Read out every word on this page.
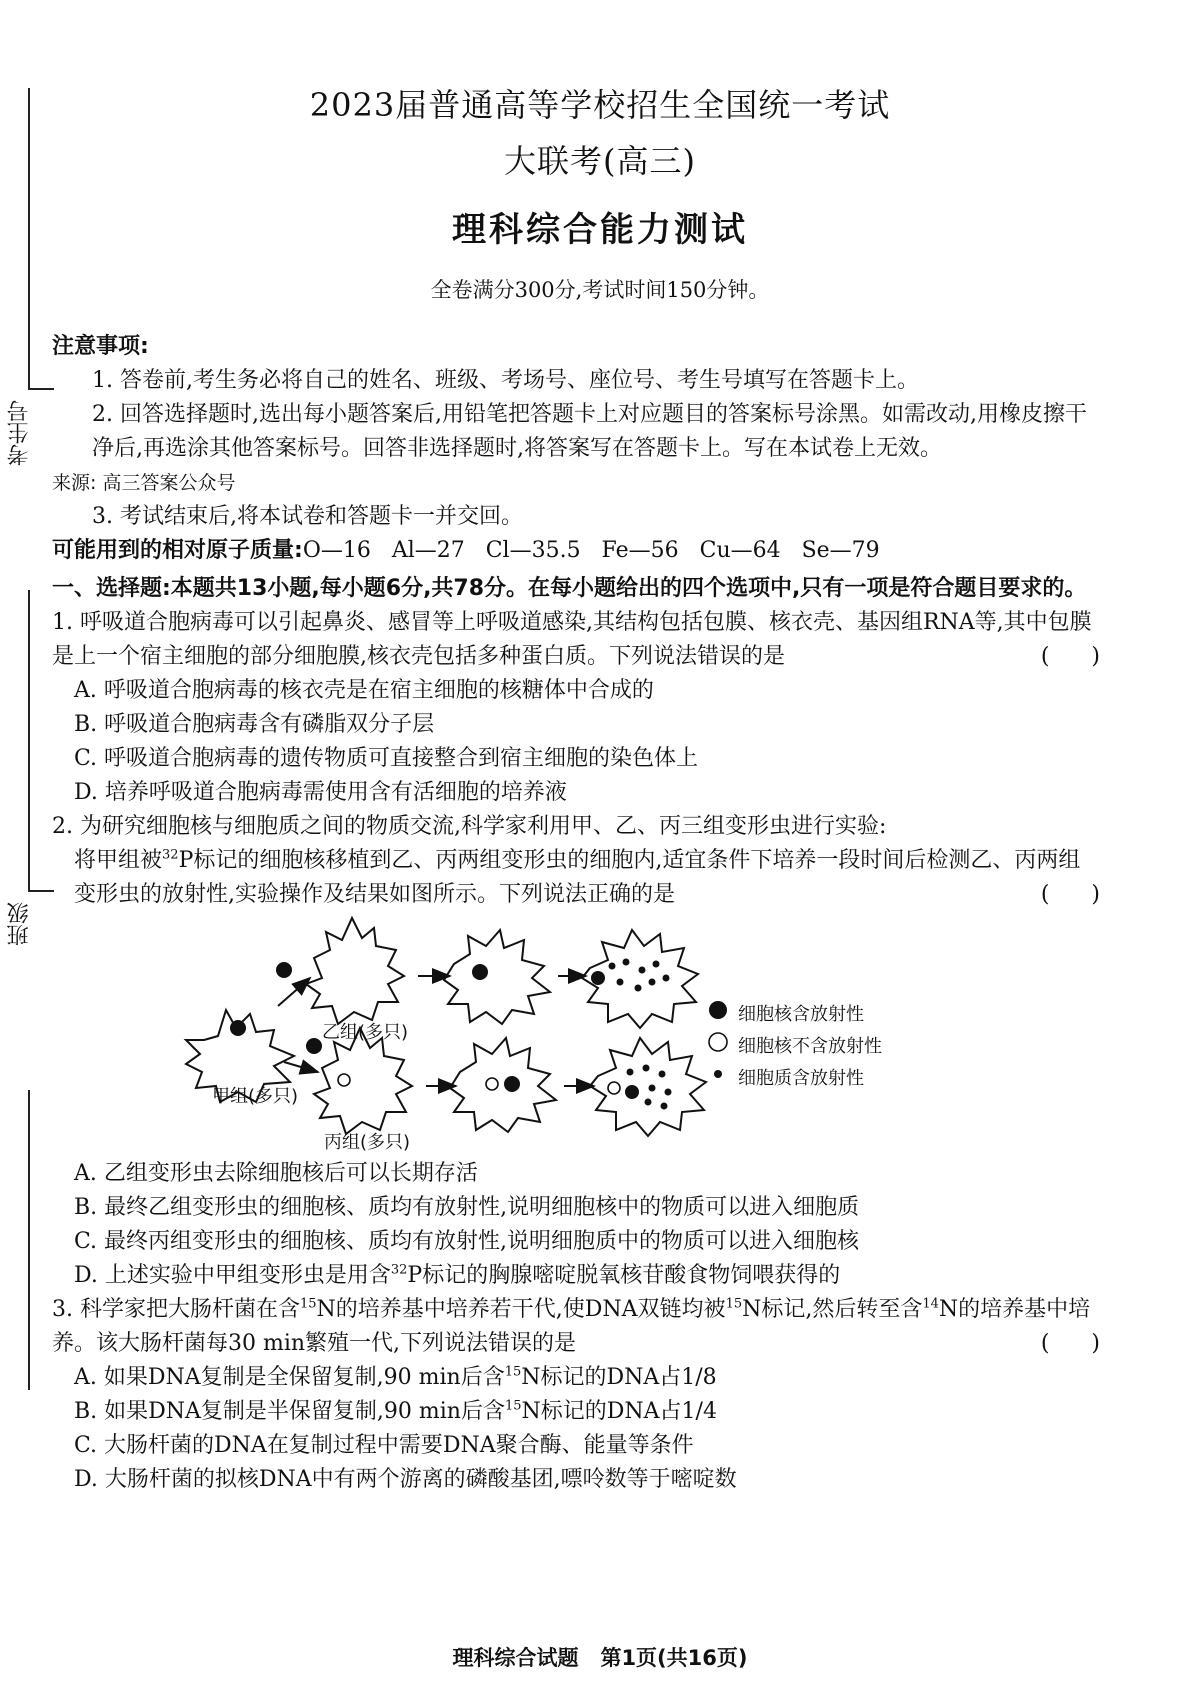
考生号
班级
2023届普通高等学校招生全国统一考试
大联考(高三)
理科综合能力测试
全卷满分300分,考试时间150分钟。

注意事项:

1. 答卷前,考生务必将自己的姓名、班级、考场号、座位号、考生号填写在答题卡上。

2. 回答选择题时,选出每小题答案后,用铅笔把答题卡上对应题目的答案标号涂黑。如需改动,用橡皮擦干净后,再选涂其他答案标号。回答非选择题时,将答案写在答题卡上。写在本试卷上无效。

来源: 高三答案公众号

3. 考试结束后,将本试卷和答题卡一并交回。

可能用到的相对原子质量:O—16   Al—27   Cl—35.5   Fe—56   Cu—64   Se—79

一、选择题:本题共13小题,每小题6分,共78分。在每小题给出的四个选项中,只有一项是符合题目要求的。

1. 呼吸道合胞病毒可以引起鼻炎、感冒等上呼吸道感染,其结构包括包膜、核衣壳、基因组RNA等,其中包膜是上一个宿主细胞的部分细胞膜,核衣壳包括多种蛋白质。下列说法错误的是	(      )

A. 呼吸道合胞病毒的核衣壳是在宿主细胞的核糖体中合成的

B. 呼吸道合胞病毒含有磷脂双分子层

C. 呼吸道合胞病毒的遗传物质可直接整合到宿主细胞的染色体上

D. 培养呼吸道合胞病毒需使用含有活细胞的培养液

2. 为研究细胞核与细胞质之间的物质交流,科学家利用甲、乙、丙三组变形虫进行实验:

将甲组被$^{32}$P标记的细胞核移植到乙、丙两组变形虫的细胞内,适宜条件下培养一段时间后检测乙、丙两组变形虫的放射性,实验操作及结果如图所示。下列说法正确的是	(      )

乙组(多只)
甲组(多只)
丙组(多只)
细胞核含放射性
细胞核不含放射性
细胞质含放射性

A. 乙组变形虫去除细胞核后可以长期存活

B. 最终乙组变形虫的细胞核、质均有放射性,说明细胞核中的物质可以进入细胞质

C. 最终丙组变形虫的细胞核、质均有放射性,说明细胞质中的物质可以进入细胞核

D. 上述实验中甲组变形虫是用含$^{32}$P标记的胸腺嘧啶脱氧核苷酸食物饲喂获得的

3. 科学家把大肠杆菌在含$^{15}$N的培养基中培养若干代,使DNA双链均被$^{15}$N标记,然后转至含$^{14}$N的培养基中培养。该大肠杆菌每30 min繁殖一代,下列说法错误的是	(      )

A. 如果DNA复制是全保留复制,90 min后含$^{15}$N标记的DNA占1/8

B. 如果DNA复制是半保留复制,90 min后含$^{15}$N标记的DNA占1/4

C. 大肠杆菌的DNA在复制过程中需要DNA聚合酶、能量等条件

D. 大肠杆菌的拟核DNA中有两个游离的磷酸基团,嘌呤数等于嘧啶数

理科综合试题   第1页(共16页)
